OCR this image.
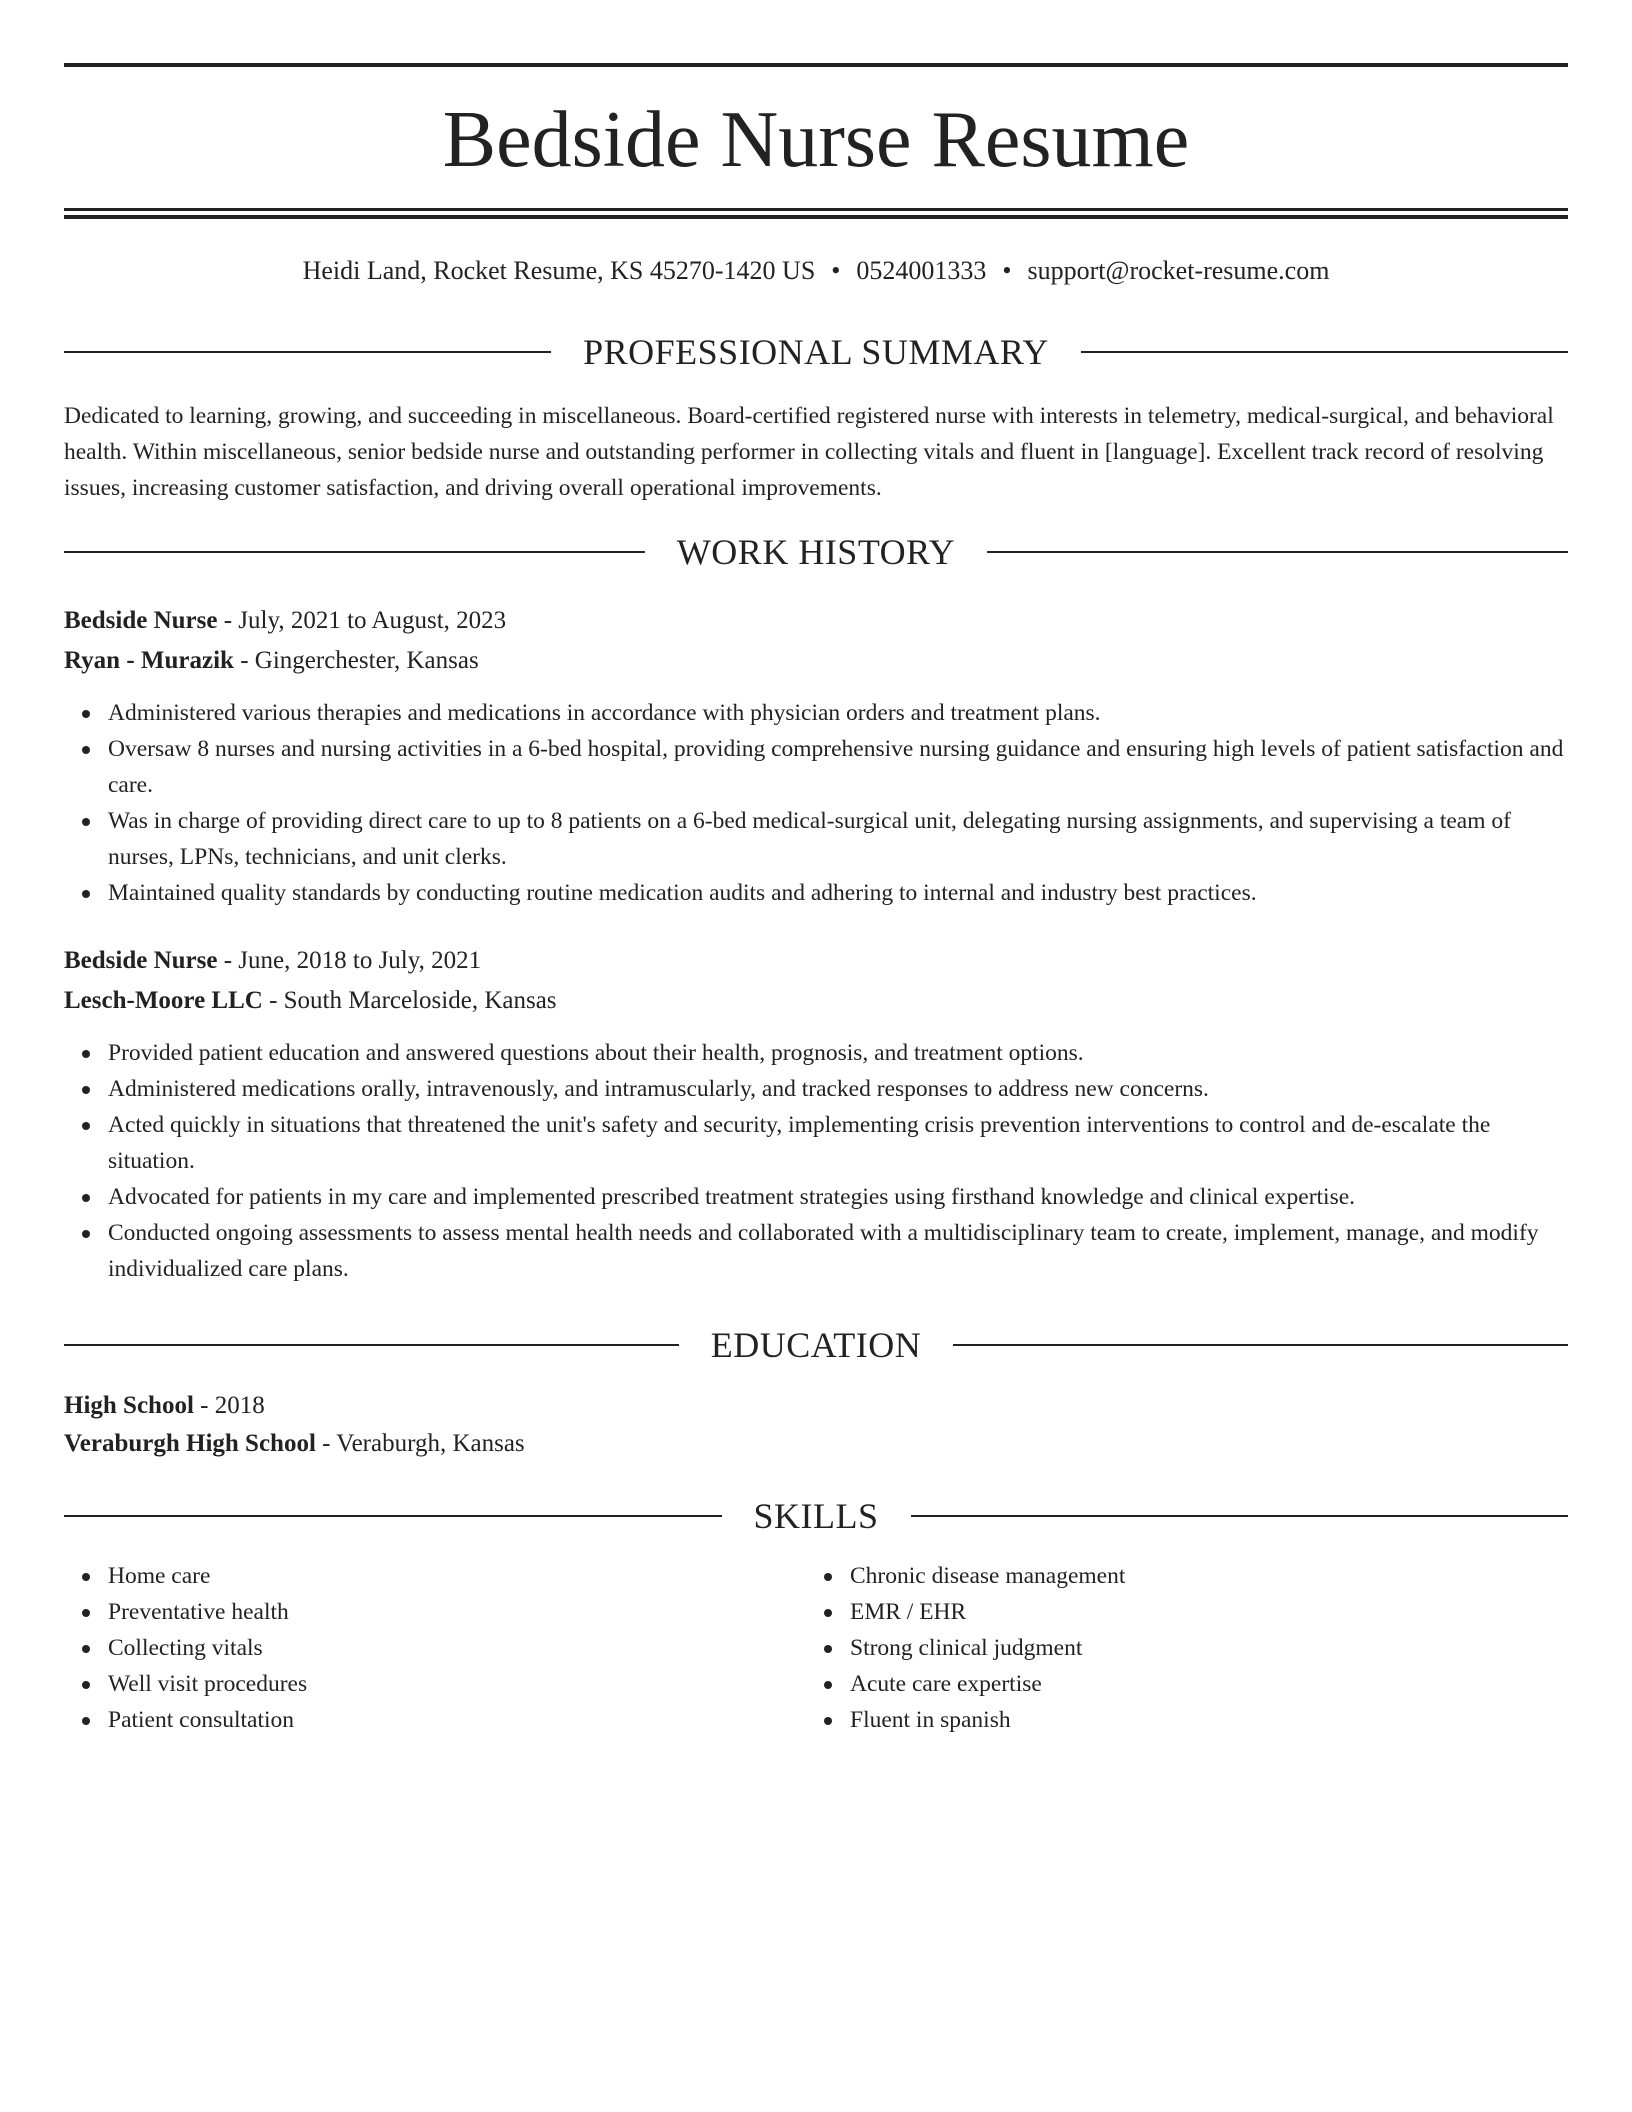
Bedside Nurse Resume
Heidi Land, Rocket Resume, KS 45270-1420 US • 0524001333 • support@rocket-resume.com
PROFESSIONAL SUMMARY
Dedicated to learning, growing, and succeeding in miscellaneous. Board-certified registered nurse with interests in telemetry, medical-surgical, and behavioral health. Within miscellaneous, senior bedside nurse and outstanding performer in collecting vitals and fluent in [language]. Excellent track record of resolving issues, increasing customer satisfaction, and driving overall operational improvements.
WORK HISTORY
Bedside Nurse - July, 2021 to August, 2023
Ryan - Murazik - Gingerchester, Kansas
Administered various therapies and medications in accordance with physician orders and treatment plans.
Oversaw 8 nurses and nursing activities in a 6-bed hospital, providing comprehensive nursing guidance and ensuring high levels of patient satisfaction and care.
Was in charge of providing direct care to up to 8 patients on a 6-bed medical-surgical unit, delegating nursing assignments, and supervising a team of nurses, LPNs, technicians, and unit clerks.
Maintained quality standards by conducting routine medication audits and adhering to internal and industry best practices.
Bedside Nurse - June, 2018 to July, 2021
Lesch-Moore LLC - South Marceloside, Kansas
Provided patient education and answered questions about their health, prognosis, and treatment options.
Administered medications orally, intravenously, and intramuscularly, and tracked responses to address new concerns.
Acted quickly in situations that threatened the unit's safety and security, implementing crisis prevention interventions to control and de-escalate the situation.
Advocated for patients in my care and implemented prescribed treatment strategies using firsthand knowledge and clinical expertise.
Conducted ongoing assessments to assess mental health needs and collaborated with a multidisciplinary team to create, implement, manage, and modify individualized care plans.
EDUCATION
High School - 2018
Veraburgh High School - Veraburgh, Kansas
SKILLS
Home care
Preventative health
Collecting vitals
Well visit procedures
Patient consultation
Chronic disease management
EMR / EHR
Strong clinical judgment
Acute care expertise
Fluent in spanish
